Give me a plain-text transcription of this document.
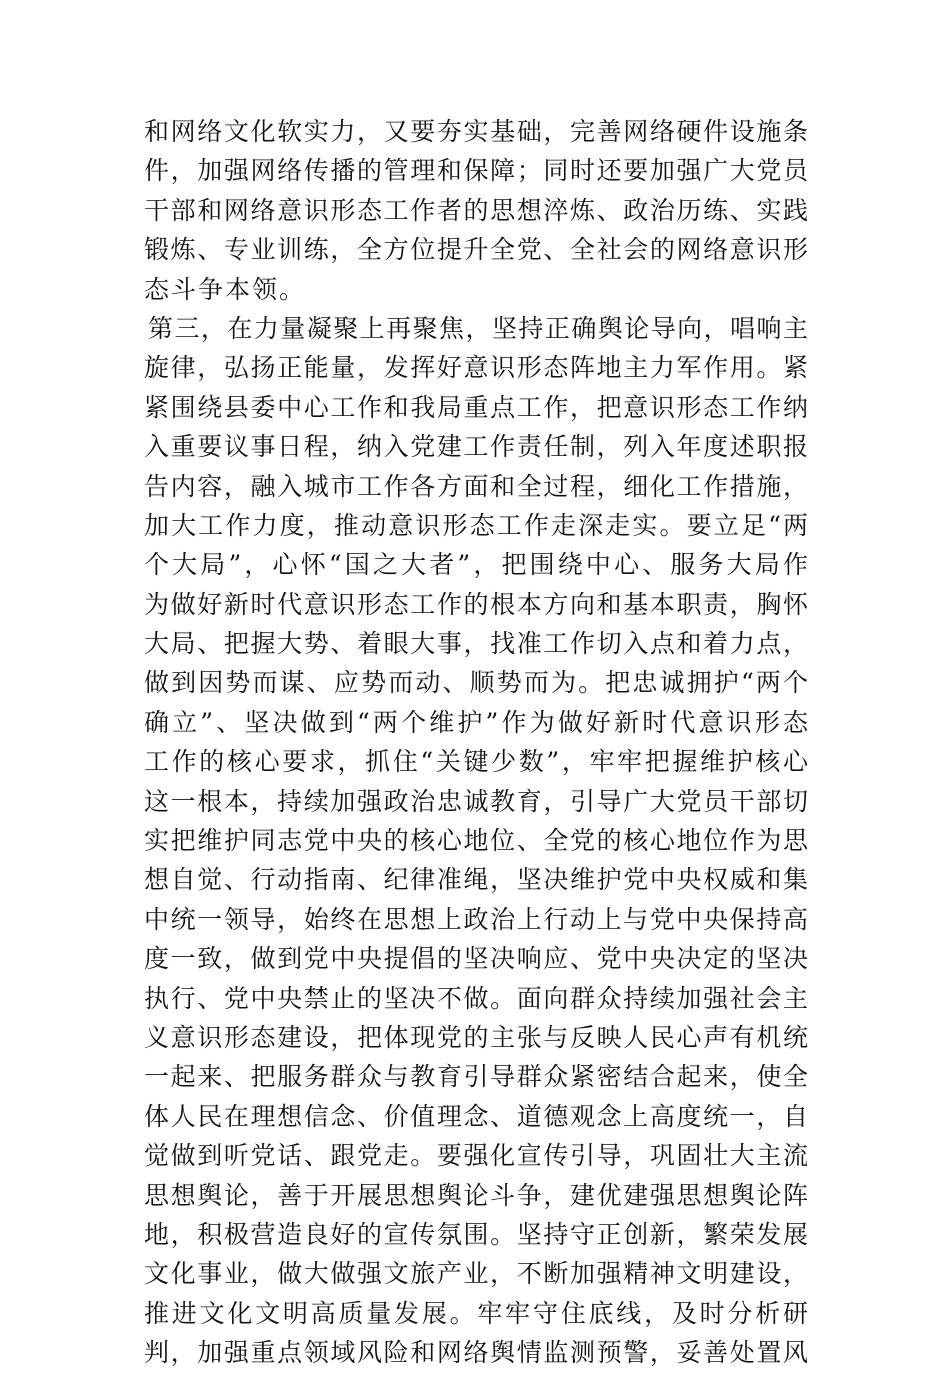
和网络文化软实力，又要夯实基础，完善网络硬件设施条
件，加强网络传播的管理和保障；同时还要加强广大党员
干部和网络意识形态工作者的思想淬炼、政治历练、实践
锻炼、专业训练，全方位提升全党、全社会的网络意识形
态斗争本领。
第三，在力量凝聚上再聚焦，坚持正确舆论导向，唱响主
旋律，弘扬正能量，发挥好意识形态阵地主力军作用。紧
紧围绕县委中心工作和我局重点工作，把意识形态工作纳
入重要议事日程，纳入党建工作责任制，列入年度述职报
告内容，融入城市工作各方面和全过程，细化工作措施，
加大工作力度，推动意识形态工作走深走实。要立足“两
个大局”，心怀“国之大者”，把围绕中心、服务大局作
为做好新时代意识形态工作的根本方向和基本职责，胸怀
大局、把握大势、着眼大事，找准工作切入点和着力点，
做到因势而谋、应势而动、顺势而为。把忠诚拥护“两个
确立”、坚决做到“两个维护”作为做好新时代意识形态
工作的核心要求，抓住“关键少数”，牢牢把握维护核心
这一根本，持续加强政治忠诚教育，引导广大党员干部切
实把维护同志党中央的核心地位、全党的核心地位作为思
想自觉、行动指南、纪律准绳，坚决维护党中央权威和集
中统一领导，始终在思想上政治上行动上与党中央保持高
度一致，做到党中央提倡的坚决响应、党中央决定的坚决
执行、党中央禁止的坚决不做。面向群众持续加强社会主
义意识形态建设，把体现党的主张与反映人民心声有机统
一起来、把服务群众与教育引导群众紧密结合起来，使全
体人民在理想信念、价值理念、道德观念上高度统一，自
觉做到听党话、跟党走。要强化宣传引导，巩固壮大主流
思想舆论，善于开展思想舆论斗争，建优建强思想舆论阵
地，积极营造良好的宣传氛围。坚持守正创新，繁荣发展
文化事业，做大做强文旅产业，不断加强精神文明建设，
推进文化文明高质量发展。牢牢守住底线，及时分析研
判，加强重点领域风险和网络舆情监测预警，妥善处置风
